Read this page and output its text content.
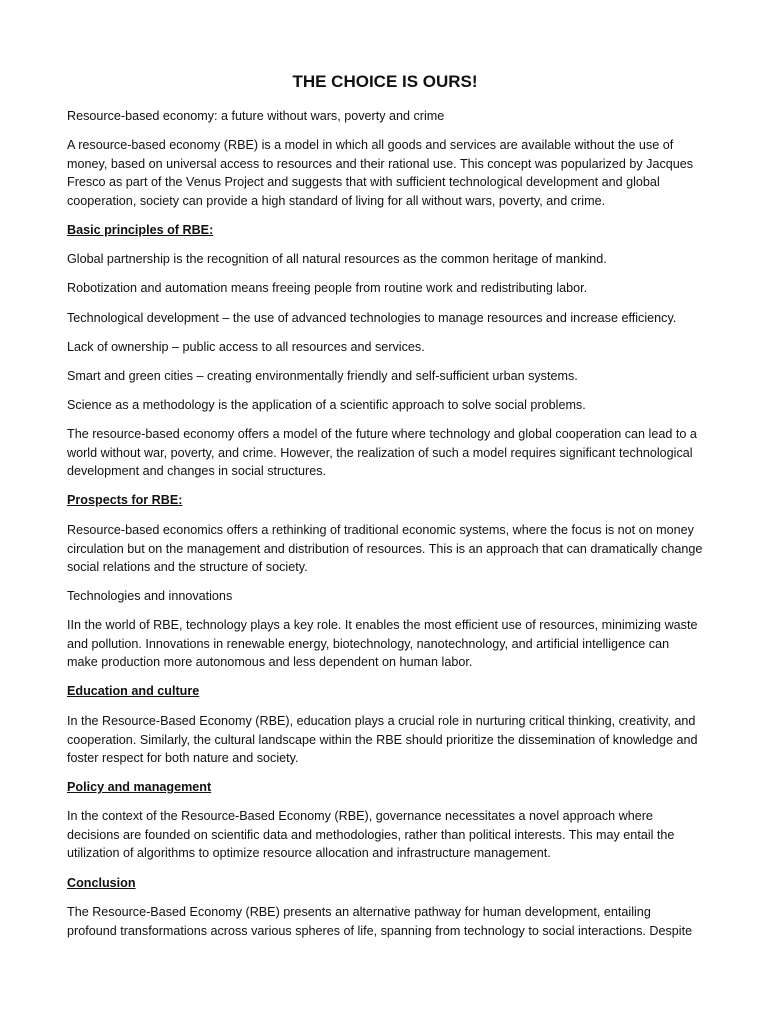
THE CHOICE IS OURS!

Resource-based economy: a future without wars, poverty and crime

A resource-based economy (RBE) is a model in which all goods and services are available without the use of money, based on universal access to resources and their rational use. This concept was popularized by Jacques Fresco as part of the Venus Project and suggests that with sufficient technological development and global cooperation, society can provide a high standard of living for all without wars, poverty, and crime.

Basic principles of RBE:

Global partnership is the recognition of all natural resources as the common heritage of mankind.

Robotization and automation means freeing people from routine work and redistributing labor.

Technological development – the use of advanced technologies to manage resources and increase efficiency.

Lack of ownership – public access to all resources and services.

Smart and green cities – creating environmentally friendly and self-sufficient urban systems.

Science as a methodology is the application of a scientific approach to solve social problems.

The resource-based economy offers a model of the future where technology and global cooperation can lead to a world without war, poverty, and crime. However, the realization of such a model requires significant technological development and changes in social structures.

Prospects for RBE:

Resource-based economics offers a rethinking of traditional economic systems, where the focus is not on money circulation but on the management and distribution of resources. This is an approach that can dramatically change social relations and the structure of society.

Technologies and innovations

IIn the world of RBE, technology plays a key role. It enables the most efficient use of resources, minimizing waste and pollution. Innovations in renewable energy, biotechnology, nanotechnology, and artificial intelligence can make production more autonomous and less dependent on human labor.

Education and culture

In the Resource-Based Economy (RBE), education plays a crucial role in nurturing critical thinking, creativity, and cooperation. Similarly, the cultural landscape within the RBE should prioritize the dissemination of knowledge and foster respect for both nature and society.

Policy and management

In the context of the Resource-Based Economy (RBE), governance necessitates a novel approach where decisions are founded on scientific data and methodologies, rather than political interests. This may entail the utilization of algorithms to optimize resource allocation and infrastructure management.

Conclusion

The Resource-Based Economy (RBE) presents an alternative pathway for human development, entailing profound transformations across various spheres of life, spanning from technology to social interactions. Despite
